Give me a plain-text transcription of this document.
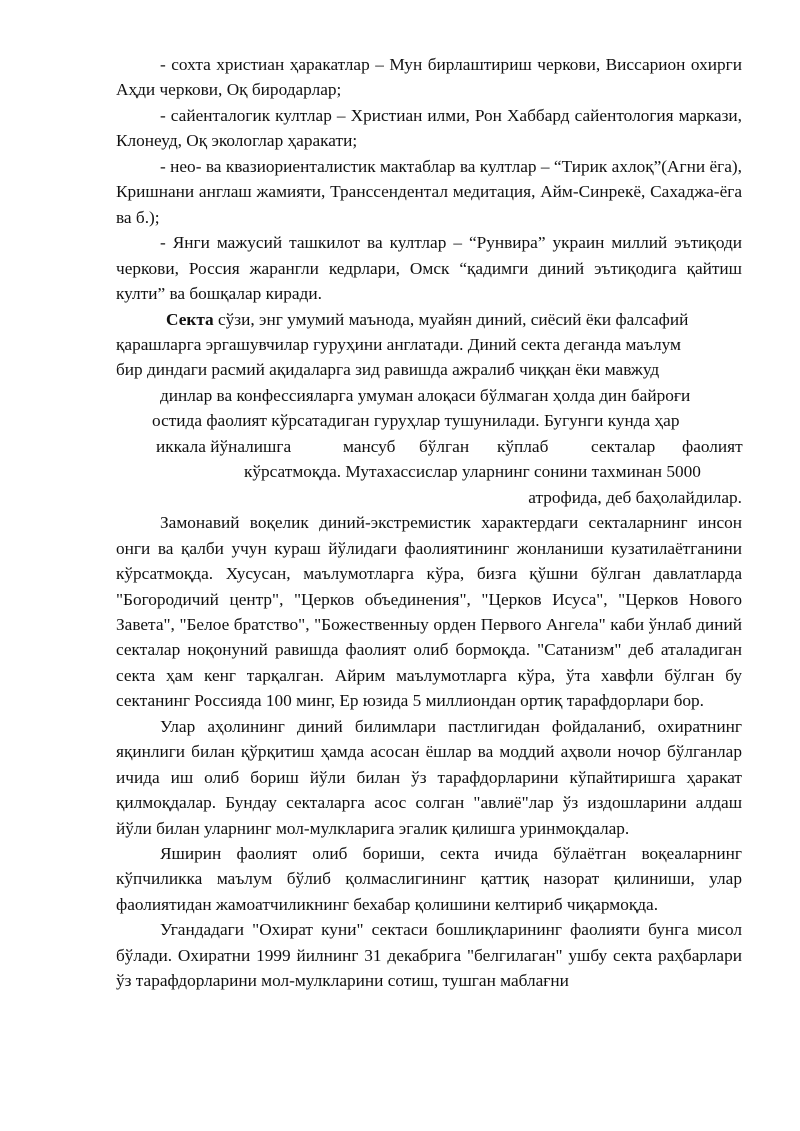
- сохта христиан ҳаракатлар – Мун бирлаштириш черкови, Виссарион охирги Аҳди черкови, Оқ биродарлар;

- сайенталогик култлар – Христиан илми, Рон Хаббард сайентология маркази, Клонеуд, Оқ экологлар ҳаракати;

- нео- ва квазиориенталистик мактаблар ва култлар – “Тирик ахлоқ”(Агни ёга), Кришнани англаш жамияти, Транссендентал медитация, Айм-Синрекё, Сахаджа-ёга ва б.);

- Янги мажусий ташкилот ва култлар – “Рунвира” украин миллий эътиқоди черкови, Россия жарангли кедрлари, Омск “қадимги диний эътиқодига қайтиш култи” ва бошқалар киради.

Секта сўзи, энг умумий маънода, муайян диний, сиёсий ёки фалсафий
қарашларга эргашувчилар гуруҳини англатади. Диний секта деганда маълум
бир диндаги расмий ақидаларга зид равишда ажралиб чиққан ёки мавжуд
динлар ва конфессияларга умуман алоқаси бўлмаган ҳолда дин байроғи
остида фаолият кўрсатадиган гуруҳлар тушунилади. Бугунги кунда ҳар
иккала йўналишга	мансуб бўлган кўплаб секталар фаолият
кўрсатмоқда. Мутахассислар уларнинг сонини тахминан 5000
атрофида, деб баҳолайдилар.

Замонавий воқелик диний-экстремистик характердаги секталарнинг инсон онги ва қалби учун кураш йўлидаги фаолиятининг жонланиши кузатилаётганини кўрсатмоқда. Хусусан, маълумотларга кўра, бизга қўшни бўлган давлатларда "Богородичий центр", "Церков объединения", "Церков Исуса", "Церков Нового Завета", "Белое братство", "Божественныу орден Первого Ангела" каби ўнлаб диний секталар ноқонуний равишда фаолият олиб бормоқда. "Сатанизм" деб аталадиган секта ҳам кенг тарқалган. Айрим маълумотларга кўра, ўта хавфли бўлган бу сектанинг Россияда 100 минг, Ер юзида 5 миллиондан ортиқ тарафдорлари бор.

Улар аҳолининг диний билимлари пастлигидан фойдаланиб, охиратнинг яқинлиги билан қўрқитиш ҳамда асосан ёшлар ва моддий аҳволи ночор бўлганлар ичида иш олиб бориш йўли билан ўз тарафдорларини кўпайтиришга ҳаракат қилмоқдалар. Бундау секталарга асос солган "авлиё"лар ўз издошларини алдаш йўли билан уларнинг мол-мулкларига эгалик қилишга уринмоқдалар.

Яширин фаолият олиб бориши, секта ичида бўлаётган воқеаларнинг кўпчиликка маълум бўлиб қолмаслигининг қаттиқ назорат қилиниши, улар фаолиятидан жамоатчиликнинг бехабар қолишини келтириб чиқармоқда.

Угандадаги "Охират куни" сектаси бошлиқларининг фаолияти бунга мисол бўлади. Охиратни 1999 йилнинг 31 декабрига "белгилаган" ушбу секта раҳбарлари ўз тарафдорларини мол-мулкларини сотиш, тушган маблағни
